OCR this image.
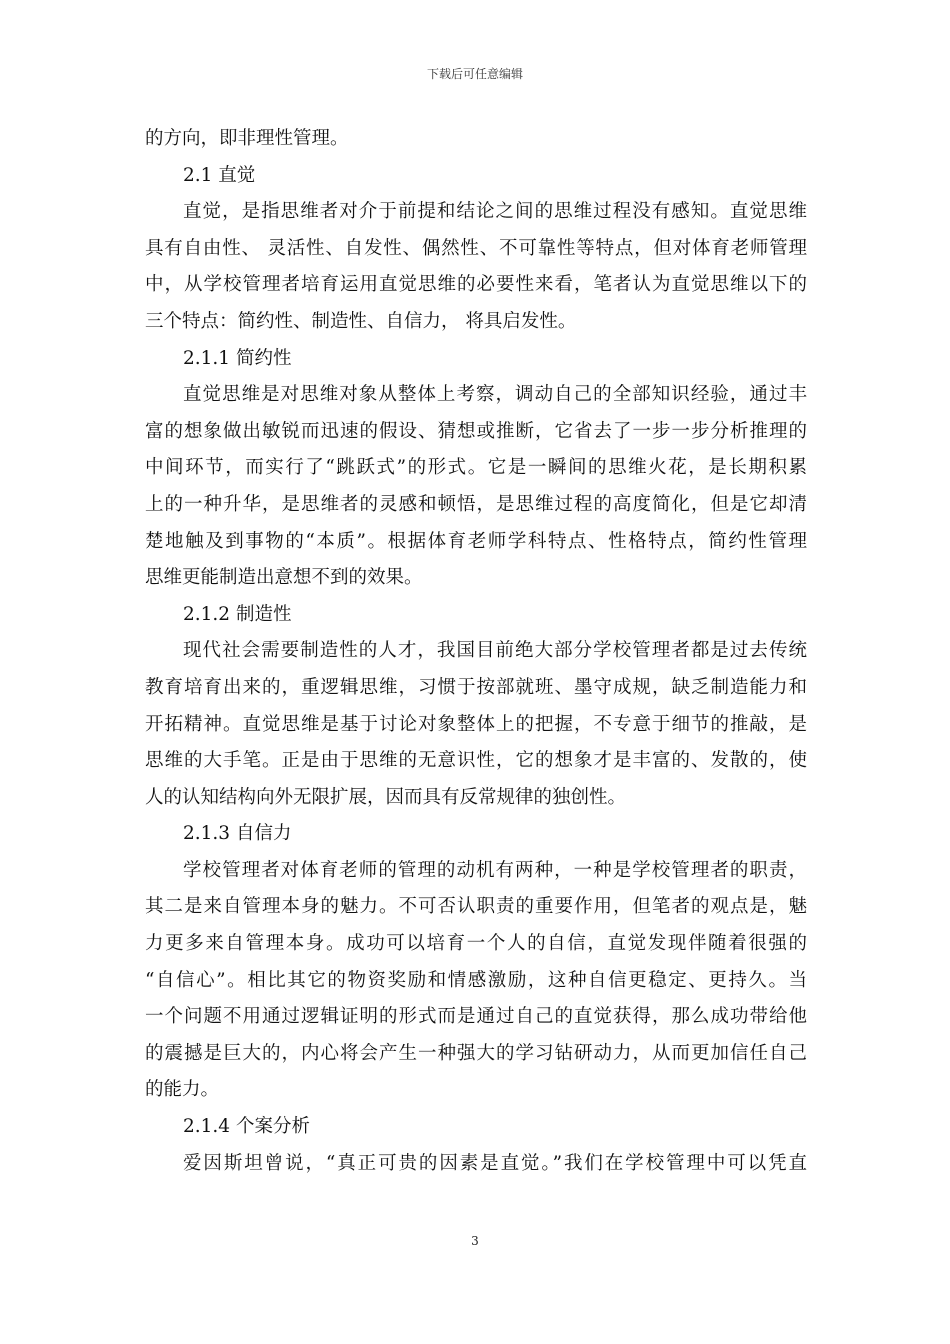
下载后可任意编辑
的方向，即非理性管理。
2.1 直觉
直觉，是指思维者对介于前提和结论之间的思维过程没有感知。直觉思维
具有自由性、 灵活性、自发性、偶然性、不可靠性等特点，但对体育老师管理
中，从学校管理者培育运用直觉思维的必要性来看，笔者认为直觉思维以下的
三个特点：简约性、制造性、自信力， 将具启发性。
2.1.1 简约性
直觉思维是对思维对象从整体上考察，调动自己的全部知识经验，通过丰
富的想象做出敏锐而迅速的假设、猜想或推断，它省去了一步一步分析推理的
中间环节，而实行了“跳跃式”的形式。它是一瞬间的思维火花，是长期积累
上的一种升华，是思维者的灵感和顿悟，是思维过程的高度简化，但是它却清
楚地触及到事物的“本质”。根据体育老师学科特点、性格特点，简约性管理
思维更能制造出意想不到的效果。
2.1.2 制造性
现代社会需要制造性的人才，我国目前绝大部分学校管理者都是过去传统
教育培育出来的，重逻辑思维，习惯于按部就班、墨守成规，缺乏制造能力和
开拓精神。直觉思维是基于讨论对象整体上的把握，不专意于细节的推敲，是
思维的大手笔。正是由于思维的无意识性，它的想象才是丰富的、发散的，使
人的认知结构向外无限扩展，因而具有反常规律的独创性。
2.1.3 自信力
学校管理者对体育老师的管理的动机有两种，一种是学校管理者的职责，
其二是来自管理本身的魅力。不可否认职责的重要作用，但笔者的观点是，魅
力更多来自管理本身。成功可以培育一个人的自信，直觉发现伴随着很强的
“自信心”。相比其它的物资奖励和情感激励，这种自信更稳定、更持久。当
一个问题不用通过逻辑证明的形式而是通过自己的直觉获得，那么成功带给他
的震撼是巨大的，内心将会产生一种强大的学习钻研动力，从而更加信任自己
的能力。
2.1.4 个案分析
爱因斯坦曾说，“真正可贵的因素是直觉。”我们在学校管理中可以凭直
3
